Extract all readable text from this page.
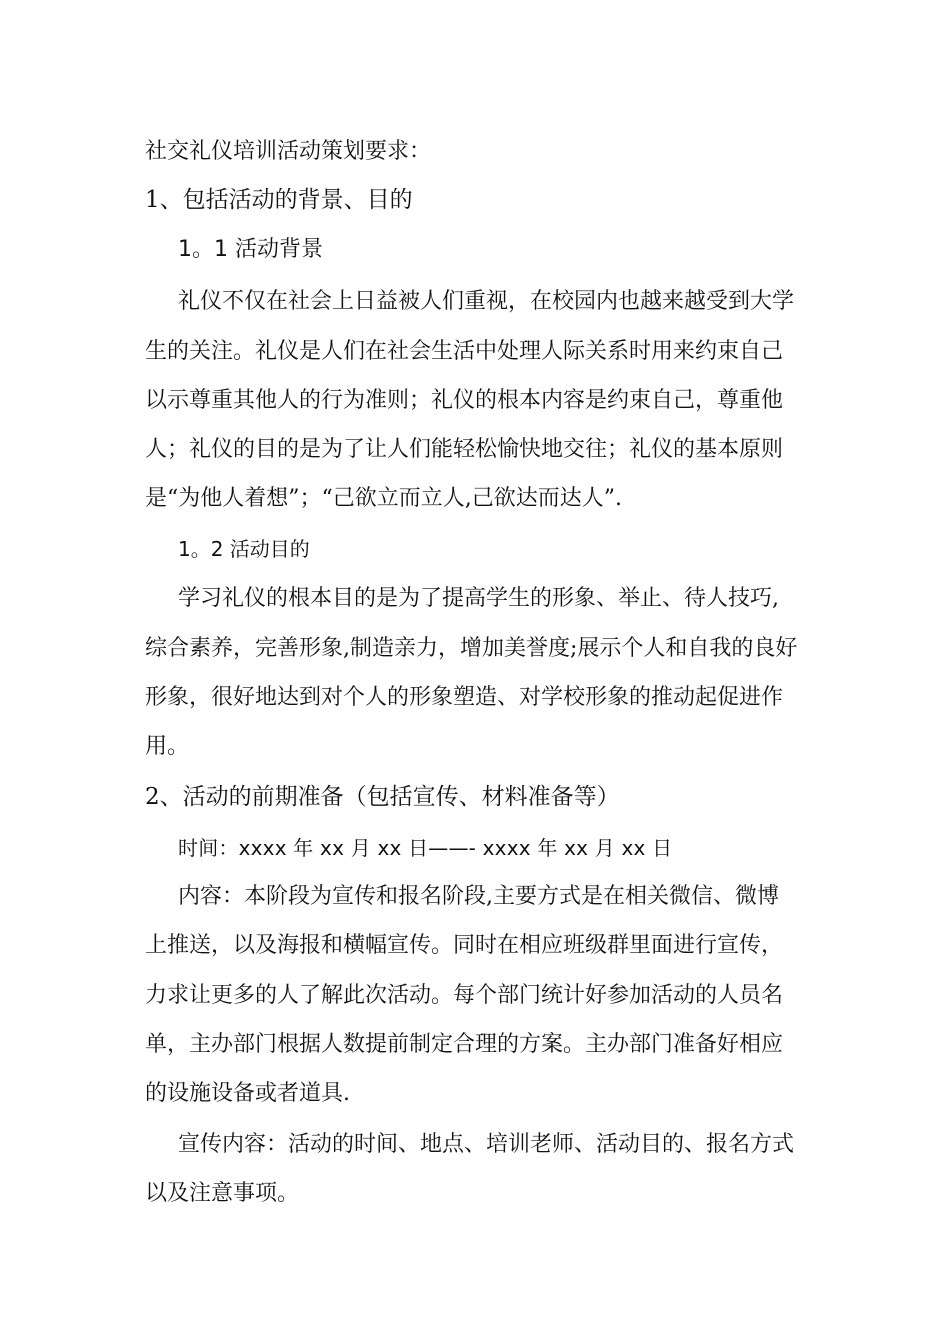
社交礼仪培训活动策划要求：
1、包括活动的背景、目的
1。1 活动背景
礼仪不仅在社会上日益被人们重视，在校园内也越来越受到大学
生的关注。礼仪是人们在社会生活中处理人际关系时用来约束自己
以示尊重其他人的行为准则；礼仪的根本内容是约束自己，尊重他
人；礼仪的目的是为了让人们能轻松愉快地交往；礼仪的基本原则
是“为他人着想”；“己欲立而立人,己欲达而达人”.
1。2 活动目的
学习礼仪的根本目的是为了提高学生的形象、举止、待人技巧,
综合素养，完善形象,制造亲力，增加美誉度;展示个人和自我的良好
形象，很好地达到对个人的形象塑造、对学校形象的推动起促进作
用。
2、活动的前期准备（包括宣传、材料准备等）
时间：xxxx 年 xx 月 xx 日——- xxxx 年 xx 月 xx 日
内容：本阶段为宣传和报名阶段,主要方式是在相关微信、微博
上推送，以及海报和横幅宣传。同时在相应班级群里面进行宣传，
力求让更多的人了解此次活动。每个部门统计好参加活动的人员名
单，主办部门根据人数提前制定合理的方案。主办部门准备好相应
的设施设备或者道具.
宣传内容：活动的时间、地点、培训老师、活动目的、报名方式
以及注意事项。
